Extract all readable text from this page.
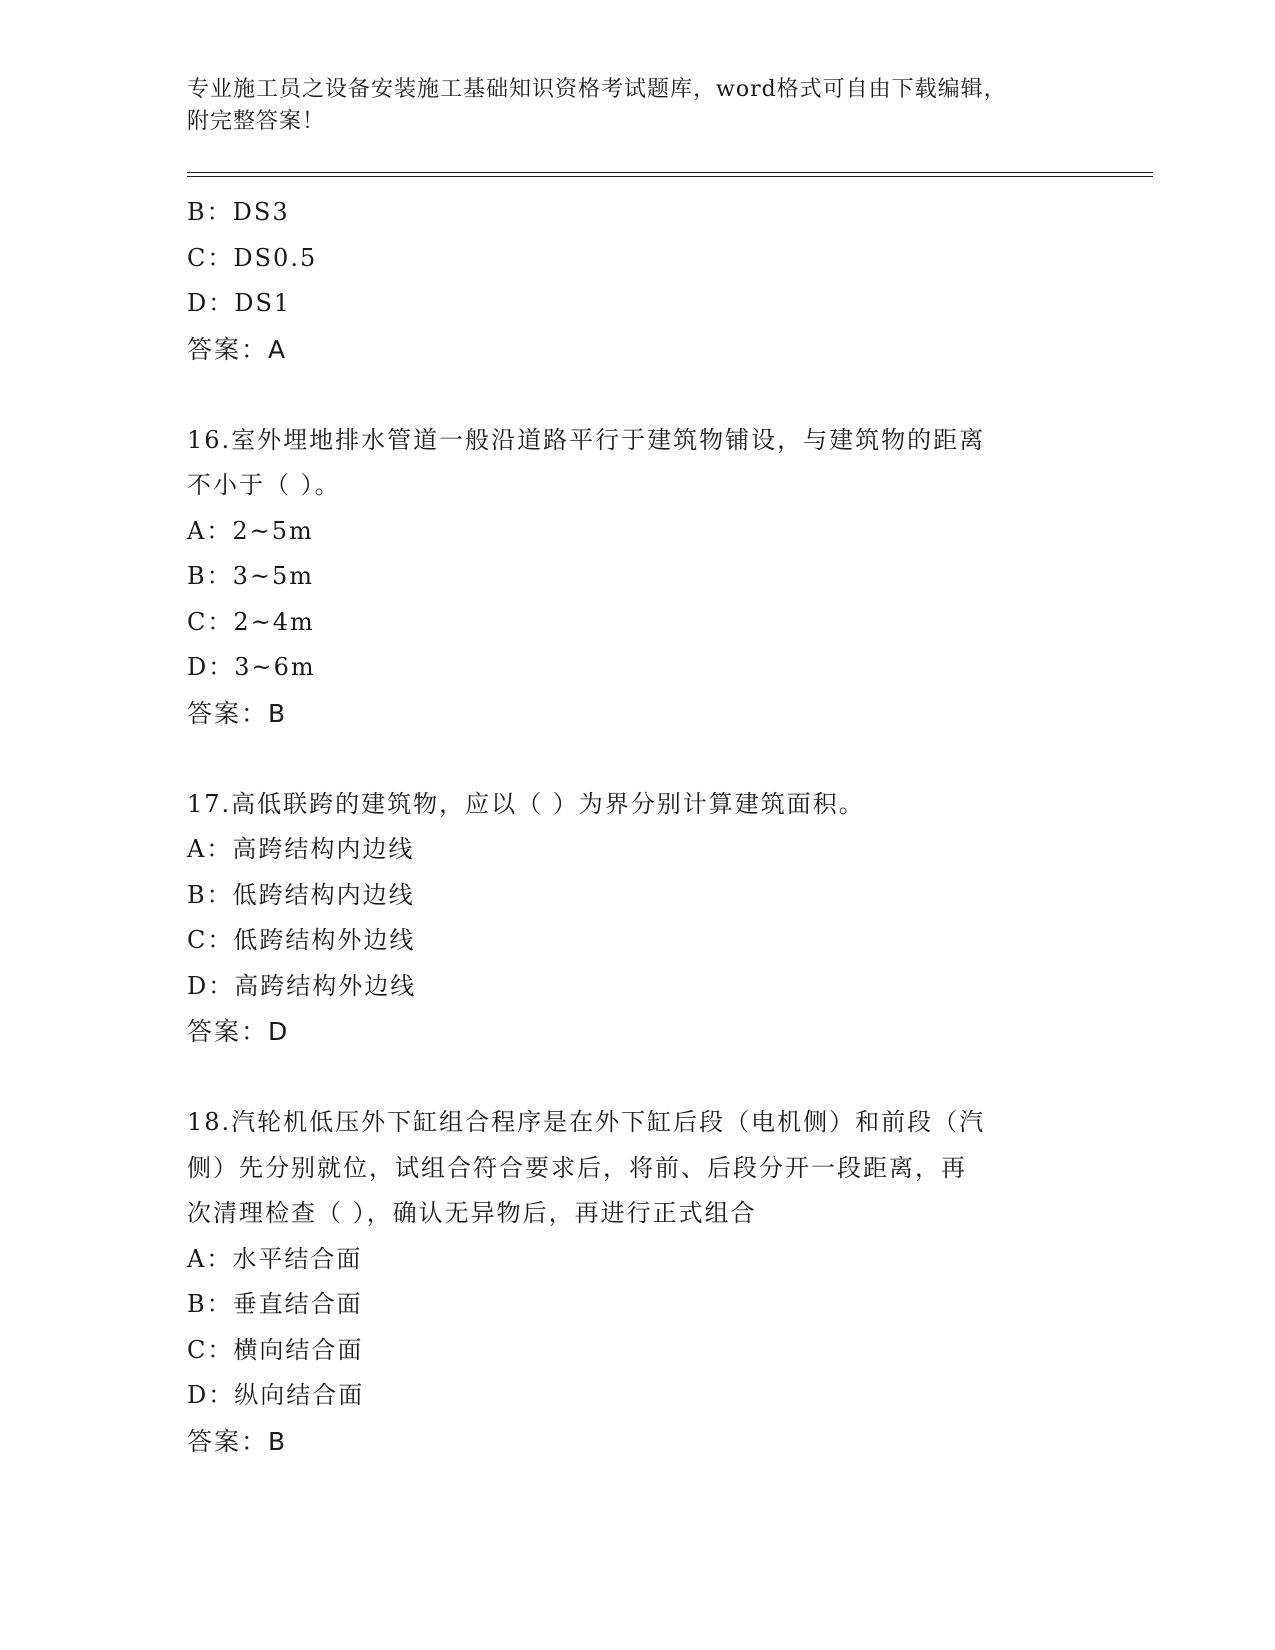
专业施工员之设备安装施工基础知识资格考试题库，word格式可自由下载编辑，
附完整答案！
B：DS3
C：DS0.5
D：DS1
答案：A
16.室外埋地排水管道一般沿道路平行于建筑物铺设，与建筑物的距离
不小于（ ）。
A：2~5m
B：3~5m
C：2~4m
D：3~6m
答案：B
17.高低联跨的建筑物，应以（ ）为界分别计算建筑面积。
A：高跨结构内边线
B：低跨结构内边线
C：低跨结构外边线
D：高跨结构外边线
答案：D
18.汽轮机低压外下缸组合程序是在外下缸后段（电机侧）和前段（汽
侧）先分别就位，试组合符合要求后，将前、后段分开一段距离，再
次清理检查（ ），确认无异物后，再进行正式组合
A：水平结合面
B：垂直结合面
C：横向结合面
D：纵向结合面
答案：B
